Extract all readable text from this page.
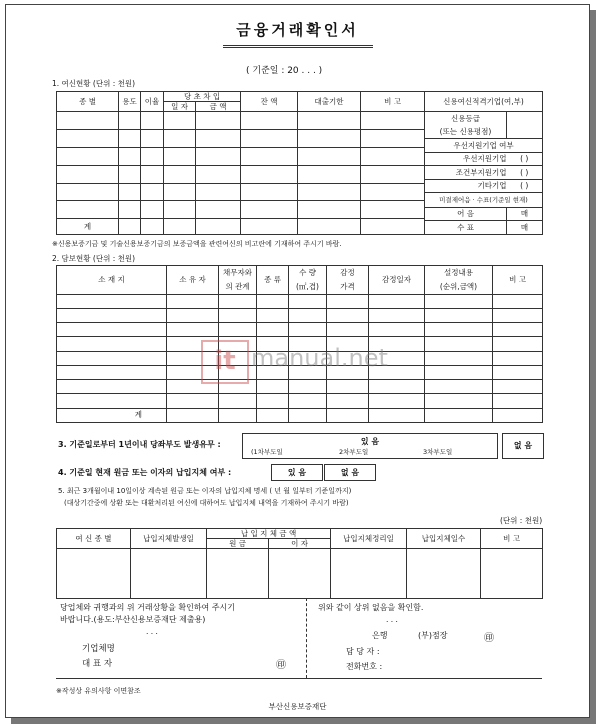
금융거래확인서
( 기준일 : 20 . . . )
1. 여신현황 (단위 : 천원)
종 별	용도	이율	당 초 차 입		잔 액	대출기한	비 고
			일 자	금 액			

계							
신용여신적격기업(여,부)	
신용등급	
(또는 신용평점)	
우선지원기업 여부	
우선지원기업	( )
조건부지원기업	( )
기타기업	( )
미결제어음 · 수표(기준일 현재)	
어 음	매
수 표	매
※신용보증기금 및 기술신용보증기금의 보증금액을 관련여신의 비고란에 기재하여 주시기 바람.
2. 담보현황 (단위 : 천원)
소 재 지	소 유 자	채무자와	종 류	수 량	감정	감정일자	설정내용	비 고
		의 관계		(㎡,겹)	가격		(순위,금액)	

계								
it manual.net
3. 기준일로부터 1년이내 당좌부도 발생유무 :	있 음
(1차부도일	2차부도일	3차부도일
없 음
4. 기준일 현재 원금 또는 이자의 납입지체 여부 :	있 음	없 음
5. 최근 3개월이내 10일이상 계속된 원금 또는 이자의 납입지체 명세 ( 년 월 일부터 기준일까지)
(대상기간중에 상환 또는 대환처리된 여신에 대하여도 납입지체 내역을 기재하여 주시기 바람)
(단위 : 천원)
여 신 종 별	납입지체발생일	납 입 지 체 금 액		납입지체정리일	납입지체일수	비 고
		원 금	이 자			

당업체와 귀행과의 위 거래상황을 확인하여 주시기
바랍니다.(용도:부산신용보증재단 제출용)
. . .
기업체명
대 표 자	㊞
위와 같이 상위 없음을 확인함.
. . .
은행	(부)점장	㊞
담 당 자 :
전화번호 :
※작성상 유의사항 이면참조
부산신용보증재단
